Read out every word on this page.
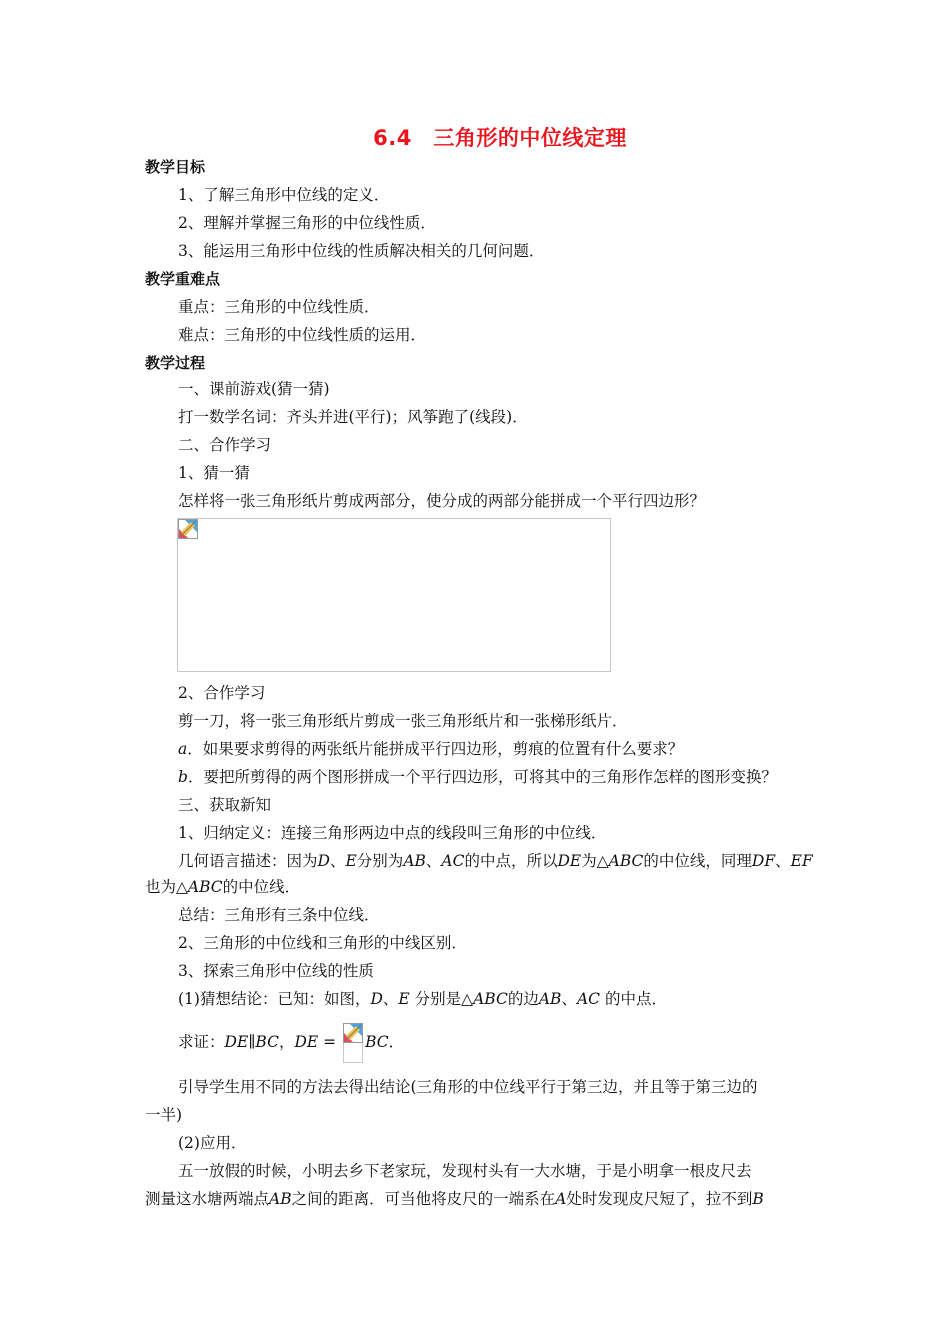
6.4　三角形的中位线定理
教学目标
1、了解三角形中位线的定义．
2、理解并掌握三角形的中位线性质．
3、能运用三角形中位线的性质解决相关的几何问题．
教学重难点
重点：三角形的中位线性质．
难点：三角形的中位线性质的运用．
教学过程
一、课前游戏(猜一猜)
打一数学名词：齐头并进(平行)；风筝跑了(线段)．
二、合作学习
1、猜一猜
怎样将一张三角形纸片剪成两部分，使分成的两部分能拼成一个平行四边形？
2、合作学习
剪一刀，将一张三角形纸片剪成一张三角形纸片和一张梯形纸片．
a．如果要求剪得的两张纸片能拼成平行四边形，剪痕的位置有什么要求？
b．要把所剪得的两个图形拼成一个平行四边形，可将其中的三角形作怎样的图形变换？
三、获取新知
1、归纳定义：连接三角形两边中点的线段叫三角形的中位线．
几何语言描述：因为D、E分别为AB、AC的中点，所以DE为△ABC的中位线，同理DF、EF
也为△ABC的中位线．
总结：三角形有三条中位线．
2、三角形的中位线和三角形的中线区别．
3、探索三角形中位线的性质
(1)猜想结论：已知：如图，D、E 分别是△ABC的边AB、AC 的中点．
求证：DE∥BC，DE =
BC．
引导学生用不同的方法去得出结论(三角形的中位线平行于第三边，并且等于第三边的
一半)
(2)应用．
五一放假的时候，小明去乡下老家玩，发现村头有一大水塘，于是小明拿一根皮尺去
测量这水塘两端点AB之间的距离．可当他将皮尺的一端系在A处时发现皮尺短了，拉不到B
